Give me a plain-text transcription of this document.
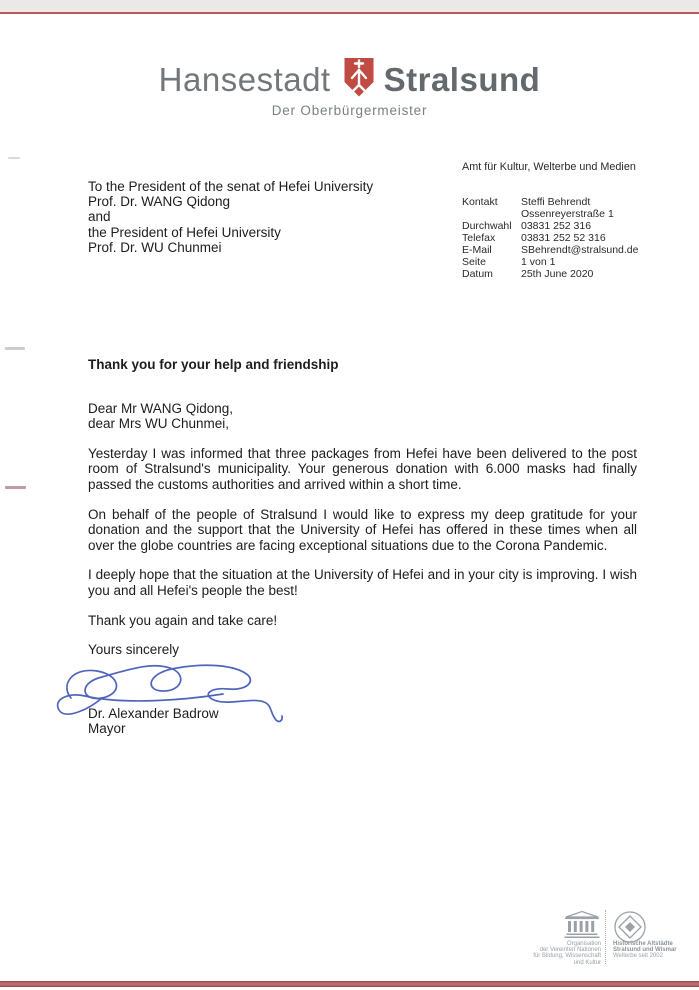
Hansestadt Stralsund
Der Oberbürgermeister
To the President of the senat of Hefei University
Prof. Dr. WANG Qidong
and
the President of Hefei University
Prof. Dr. WU Chunmei
Amt für Kultur, Welterbe und Medien
Kontakt	Steffi Behrendt
Ossenreyerstraße 1
Durchwahl 03831 252 316
Telefax	03831 252 52 316
E-Mail	SBehrendt@stralsund.de
Seite	1 von 1
Datum	25th June 2020

Thank you for your help and friendship

Dear Mr WANG Qidong,
dear Mrs WU Chunmei,

Yesterday I was informed that three packages from Hefei have been delivered to the post room of Stralsund's municipality. Your generous donation with 6.000 masks had finally passed the customs authorities and arrived within a short time.

On behalf of the people of Stralsund I would like to express my deep gratitude for your donation and the support that the University of Hefei has offered in these times when all over the globe countries are facing exceptional situations due to the Corona Pandemic.

I deeply hope that the situation at the University of Hefei and in your city is improving. I wish you and all Hefei's people the best!

Thank you again and take care!

Yours sincerely

Dr. Alexander Badrow
Mayor
Organisation
der Vereinten Nationen
für Bildung, Wissenschaft
und Kultur
Historische Altstädte
Stralsund und Wismar
Welterbe seit 2002
